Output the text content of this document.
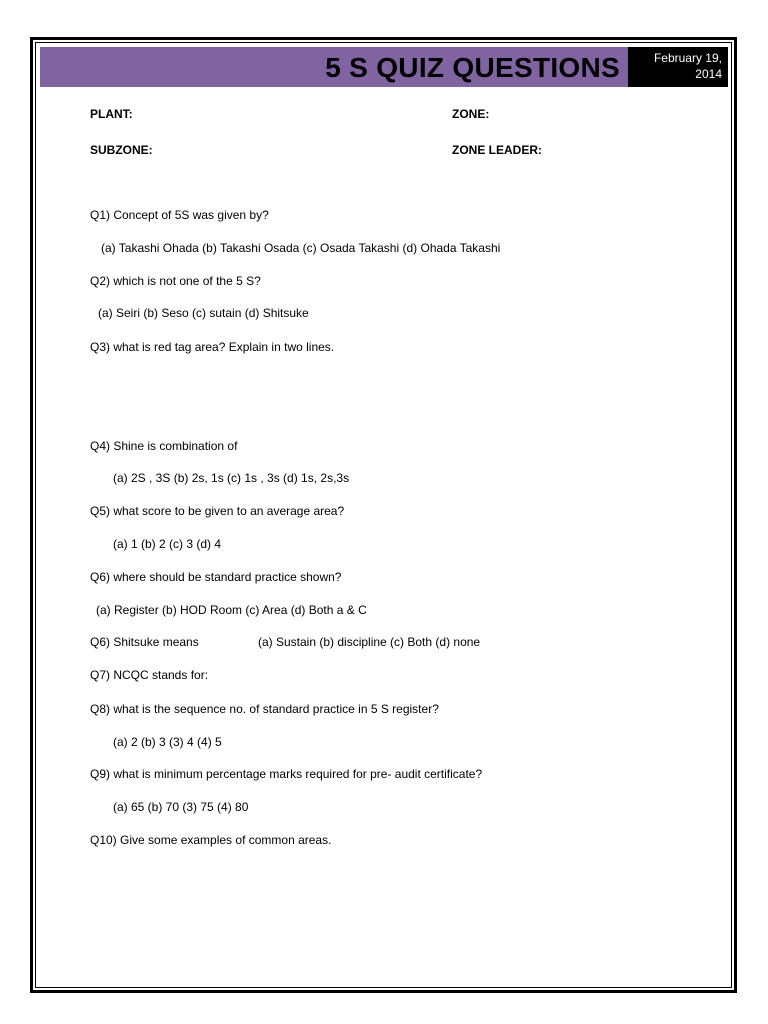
5 S QUIZ QUESTIONS	February 19,
2014
PLANT:	ZONE:
SUBZONE:	ZONE LEADER:
Q1) Concept of 5S was given by?
(a) Takashi Ohada (b) Takashi Osada (c) Osada Takashi (d) Ohada Takashi
Q2) which is not one of the 5 S?
(a) Seiri (b) Seso (c) sutain (d) Shitsuke
Q3) what is red tag area? Explain in two lines.
Q4) Shine is combination of
(a) 2S , 3S (b) 2s, 1s (c) 1s , 3s (d) 1s, 2s,3s
Q5) what score to be given to an average area?
(a) 1 (b) 2 (c) 3 (d) 4
Q6) where should be standard practice shown?
(a) Register (b) HOD Room (c) Area (d) Both a & C
Q6) Shitsuke means	(a) Sustain (b) discipline (c) Both (d) none
Q7) NCQC stands for:
Q8) what is the sequence no. of standard practice in 5 S register?
(a) 2 (b) 3 (3) 4 (4) 5
Q9) what is minimum percentage marks required for pre- audit certificate?
(a) 65 (b) 70 (3) 75 (4) 80
Q10) Give some examples of common areas.
